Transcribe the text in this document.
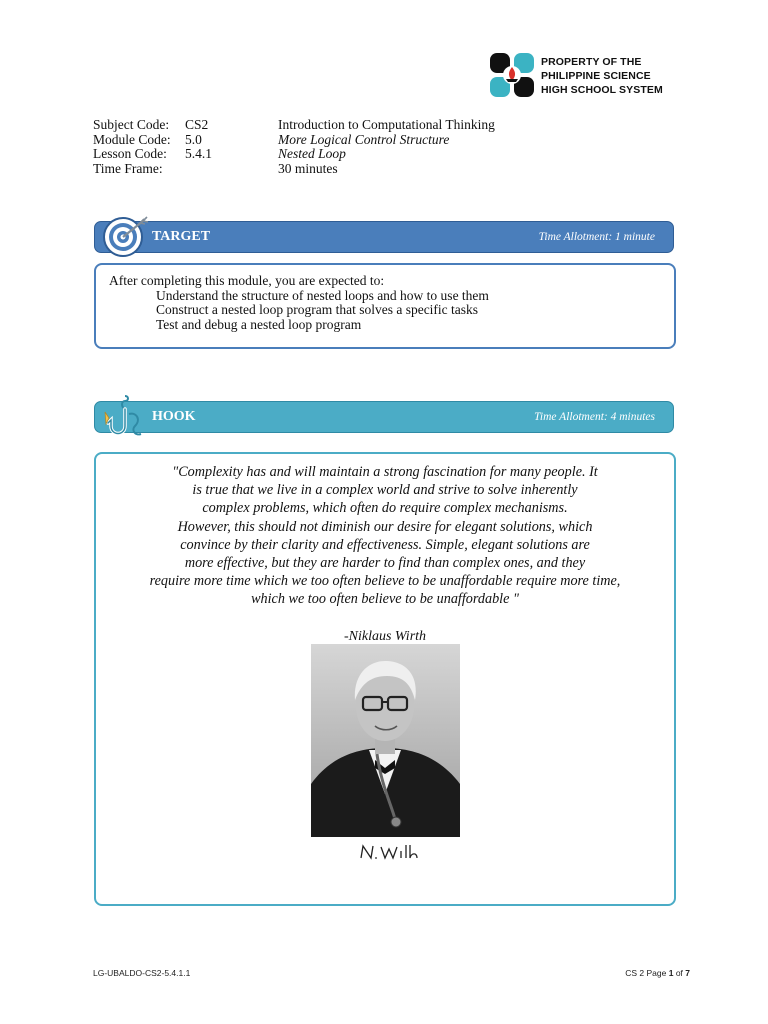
PROPERTY OF THE
PHILIPPINE SCIENCE
HIGH SCHOOL SYSTEM
Subject Code: CS2	Introduction to Computational Thinking
Module Code: 5.0	More Logical Control Structure
Lesson Code: 5.4.1	Nested Loop
Time Frame:	30 minutes
TARGET	Time Allotment: 1 minute
After completing this module, you are expected to:
Understand the structure of nested loops and how to use them
Construct a nested loop program that solves a specific tasks
Test and debug a nested loop program
HOOK	Time Allotment: 4 minutes
"Complexity has and will maintain a strong fascination for many people. It
is true that we live in a complex world and strive to solve inherently
complex problems, which often do require complex mechanisms.
However, this should not diminish our desire for elegant solutions, which
convince by their clarity and effectiveness. Simple, elegant solutions are
more effective, but they are harder to find than complex ones, and they
require more time which we too often believe to be unaffordable require more time,
which we too often believe to be unaffordable "
-Niklaus Wirth
LG-UBALDO-CS2-5.4.1.1	CS 2 Page 1 of 7
